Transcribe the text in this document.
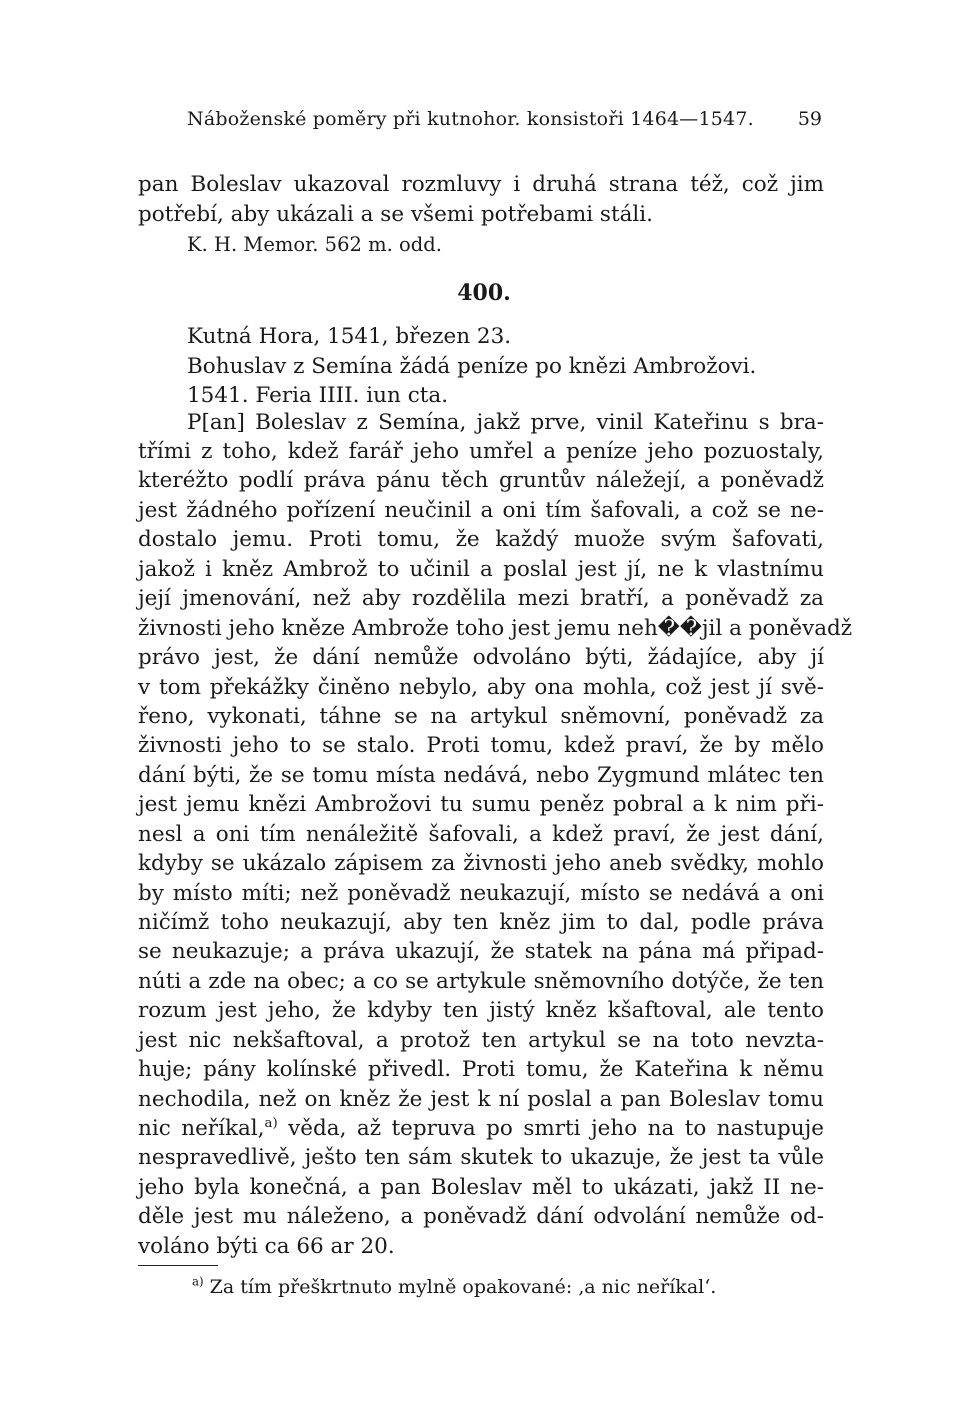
Náboženské poměry při kutnohor. konsistoři 1464—1547. 59
pan Boleslav ukazoval rozmluvy i druhá strana též, což jim
potřebí, aby ukázali a se všemi potřebami stáli.
K. H. Memor. 562 m. odd.
400.
Kutná Hora, 1541, březen 23.
Bohuslav z Semína žádá peníze po knězi Ambrožovi.
1541. Feria IIII. iun cta.
P[an] Boleslav z Semína, jakž prve, vinil Kateřinu s bra-
třími z toho, kdež farář jeho umřel a peníze jeho pozuostaly,
kteréžto podlí práva pánu těch gruntův náležejí, a poněvadž
jest žádného pořízení neučinil a oni tím šafovali, a což se ne-
dostalo jemu. Proti tomu, že každý muože svým šafovati,
jakož i kněz Ambrož to učinil a poslal jest jí, ne k vlastnímu
její jmenování, než aby rozdělila mezi bratří, a poněvadž za
živnosti jeho kněze Ambrože toho jest jemu neh��jil a poněvadž
právo jest, že dání nemůže odvoláno býti, žádajíce, aby jí
v tom překážky činěno nebylo, aby ona mohla, což jest jí svě-
řeno, vykonati, táhne se na artykul sněmovní, poněvadž za
živnosti jeho to se stalo. Proti tomu, kdež praví, že by mělo
dání býti, že se tomu místa nedává, nebo Zygmund mlátec ten
jest jemu knězi Ambrožovi tu sumu peněz pobral a k nim při-
nesl a oni tím nenáležitě šafovali, a kdež praví, že jest dání,
kdyby se ukázalo zápisem za živnosti jeho aneb svědky, mohlo
by místo míti; než poněvadž neukazují, místo se nedává a oni
ničímž toho neukazují, aby ten kněz jim to dal, podle práva
se neukazuje; a práva ukazují, že statek na pána má připad-
núti a zde na obec; a co se artykule sněmovního dotýče, že ten
rozum jest jeho, že kdyby ten jistý kněz kšaftoval, ale tento
jest nic nekšaftoval, a protož ten artykul se na toto nevzta-
huje; pány kolínské přivedl. Proti tomu, že Kateřina k němu
nechodila, než on kněz že jest k ní poslal a pan Boleslav tomu
nic neříkal,$^{a)}$ věda, až tepruva po smrti jeho na to nastupuje
nespravedlivě, ješto ten sám skutek to ukazuje, že jest ta vůle
jeho byla konečná, a pan Boleslav měl to ukázati, jakž II ne-
děle jest mu náleženo, a poněvadž dání odvolání nemůže od-
voláno býti ca 66 ar 20.
$^{a)}$ Za tím přeškrtnuto mylně opakované: ‚a nic neříkal‘.
